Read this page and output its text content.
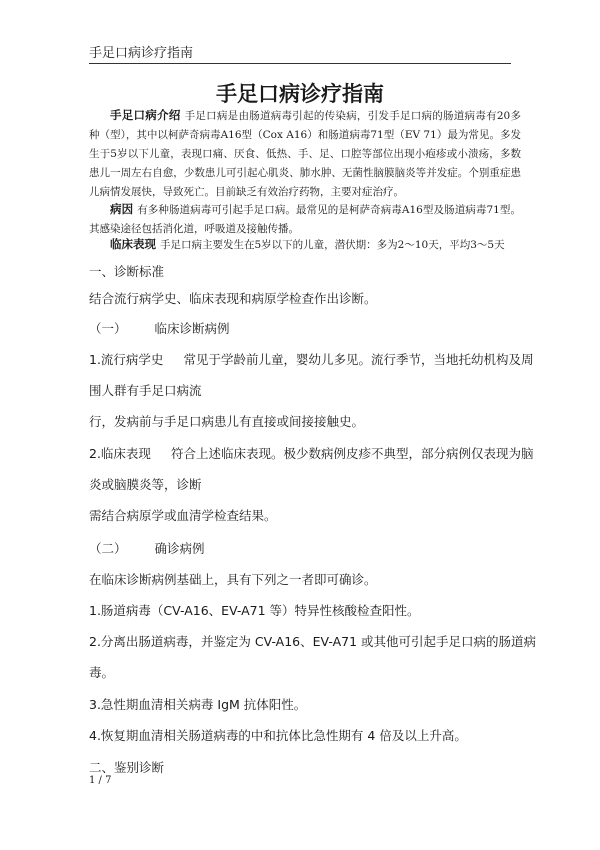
手足口病诊疗指南
手足口病诊疗指南

手足口病介绍 手足口病是由肠道病毒引起的传染病，引发手足口病的肠道病毒有20多种（型），其中以柯萨奇病毒A16型（Cox A16）和肠道病毒71型（EV 71）最为常见。多发生于5岁以下儿童，表现口痛、厌食、低热、手、足、口腔等部位出现小疱疹或小溃疡，多数患儿一周左右自愈，少数患儿可引起心肌炎、肺水肿、无菌性脑膜脑炎等并发症。个别重症患儿病情发展快，导致死亡。目前缺乏有效治疗药物，主要对症治疗。

病因 有多种肠道病毒可引起手足口病。最常见的是柯萨奇病毒A16型及肠道病毒71型。其感染途径包括消化道，呼吸道及接触传播。

临床表现 手足口病主要发生在5岁以下的儿童，潜伏期：多为2～10天，平均3～5天

一、诊断标准
结合流行病学史、临床表现和病原学检查作出诊断。
（一） 临床诊断病例
1.流行病学史 常见于学龄前儿童，婴幼儿多见。流行季节，当地托幼机构及周
围人群有手足口病流
行，发病前与手足口病患儿有直接或间接接触史。
2.临床表现 符合上述临床表现。极少数病例皮疹不典型，部分病例仅表现为脑
炎或脑膜炎等，诊断
需结合病原学或血清学检查结果。
（二） 确诊病例
在临床诊断病例基础上，具有下列之一者即可确诊。
1.肠道病毒（CV-A16、EV-A71 等）特异性核酸检查阳性。
2.分离出肠道病毒，并鉴定为 CV-A16、EV-A71 或其他可引起手足口病的肠道病
毒。
3.急性期血清相关病毒 IgM 抗体阳性。
4.恢复期血清相关肠道病毒的中和抗体比急性期有 4 倍及以上升高。
二、鉴别诊断
1 / 7
